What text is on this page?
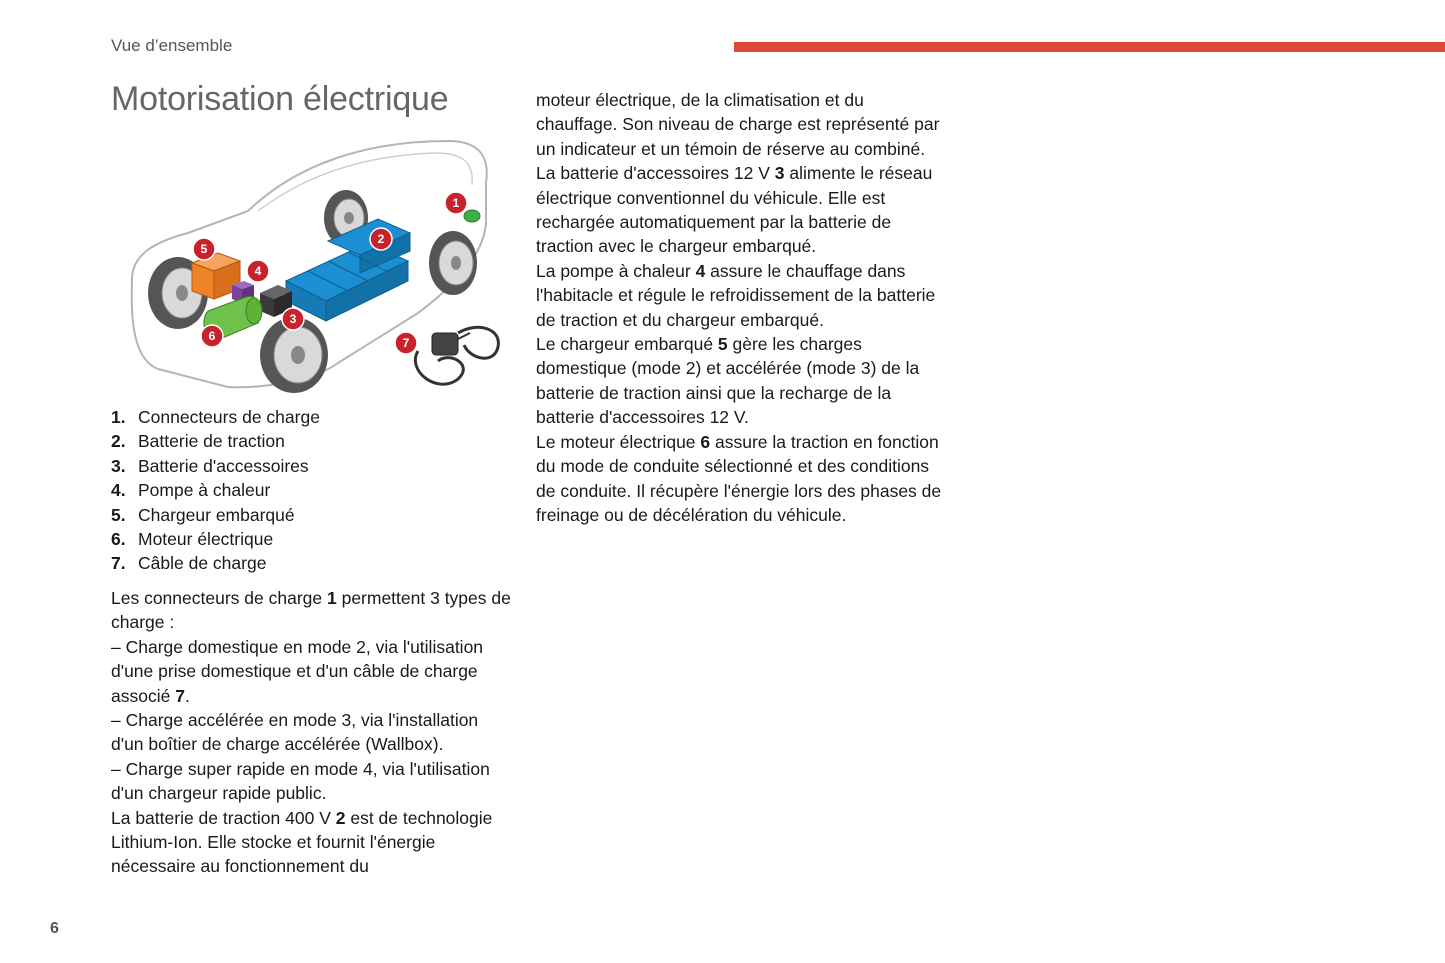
Vue d’ensemble
Motorisation électrique
1
2
3
4
5
6	7
1. Connecteurs de charge
2. Batterie de traction
3. Batterie d'accessoires
4. Pompe à chaleur
5. Chargeur embarqué
6. Moteur électrique
7. Câble de charge

Les connecteurs de charge 1 permettent 3 types de charge :

– Charge domestique en mode 2, via l'utilisation d'une prise domestique et d'un câble de charge associé 7.

– Charge accélérée en mode 3, via l'installation d'un boîtier de charge accélérée (Wallbox).

– Charge super rapide en mode 4, via l'utilisation d'un chargeur rapide public.

La batterie de traction 400 V 2 est de technologie Lithium-Ion. Elle stocke et fournit l'énergie nécessaire au fonctionnement du

moteur électrique, de la climatisation et du chauffage. Son niveau de charge est représenté par un indicateur et un témoin de réserve au combiné.

La batterie d'accessoires 12 V 3 alimente le réseau électrique conventionnel du véhicule. Elle est rechargée automatiquement par la batterie de traction avec le chargeur embarqué.

La pompe à chaleur 4 assure le chauffage dans l'habitacle et régule le refroidissement de la batterie de traction et du chargeur embarqué.

Le chargeur embarqué 5 gère les charges domestique (mode 2) et accélérée (mode 3) de la batterie de traction ainsi que la recharge de la batterie d'accessoires 12 V.

Le moteur électrique 6 assure la traction en fonction du mode de conduite sélectionné et des conditions de conduite. Il récupère l'énergie lors des phases de freinage ou de décélération du véhicule.

6
